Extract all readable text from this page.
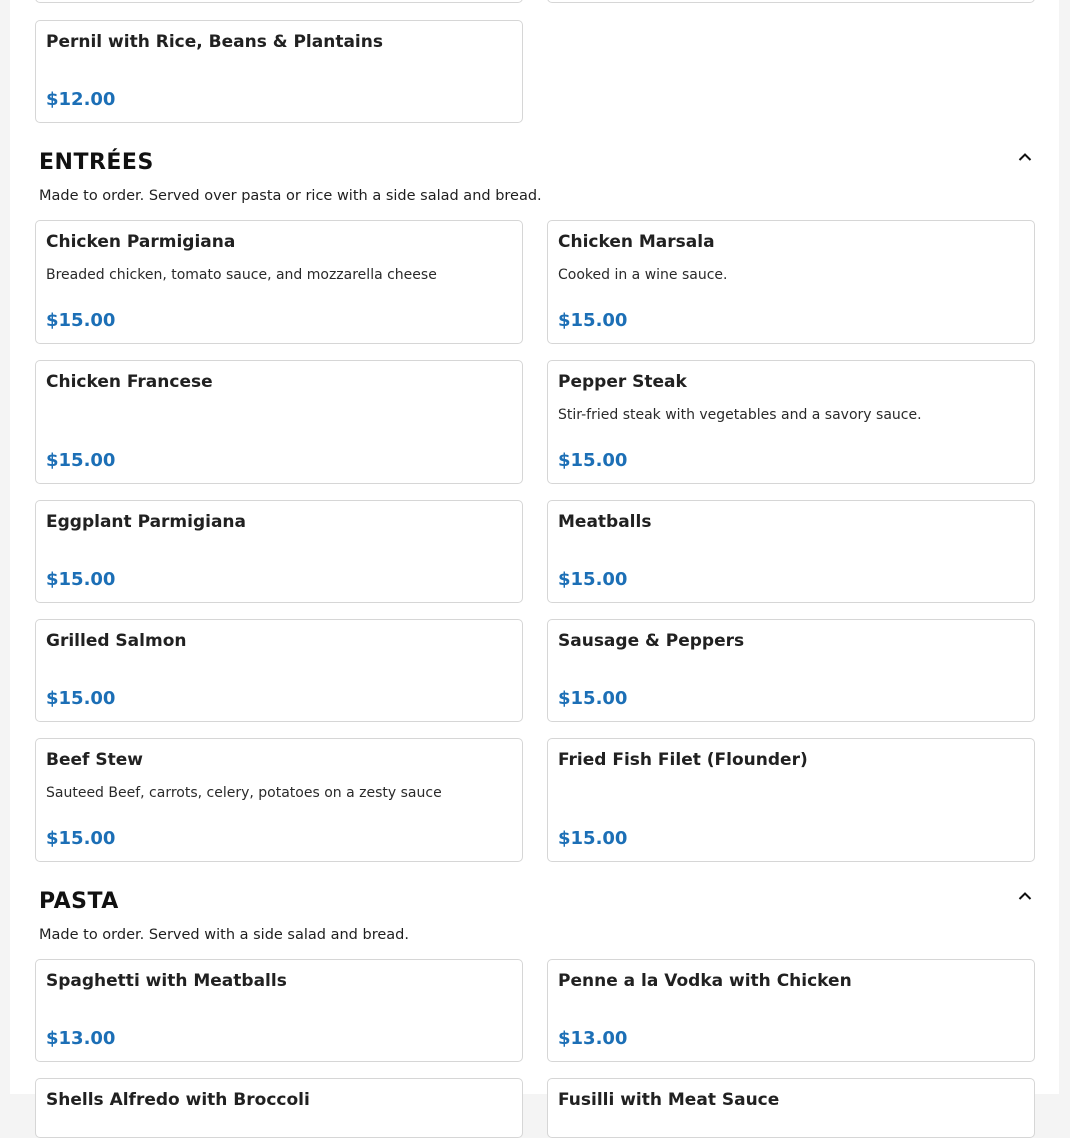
Pernil with Rice, Beans & Plantains
$12.00
ENTRÉES
Made to order. Served over pasta or rice with a side salad and bread.
Chicken Parmigiana
Breaded chicken, tomato sauce, and mozzarella cheese
$15.00
Chicken Marsala
Cooked in a wine sauce.
$15.00
Chicken Francese
$15.00
Pepper Steak
Stir-fried steak with vegetables and a savory sauce.
$15.00
Eggplant Parmigiana
$15.00
Meatballs
$15.00
Grilled Salmon
$15.00
Sausage & Peppers
$15.00
Beef Stew
Sauteed Beef, carrots, celery, potatoes on a zesty sauce
$15.00
Fried Fish Filet (Flounder)
$15.00
PASTA
Made to order. Served with a side salad and bread.
Spaghetti with Meatballs
$13.00
Penne a la Vodka with Chicken
$13.00
Shells Alfredo with Broccoli	Fusilli with Meat Sauce
